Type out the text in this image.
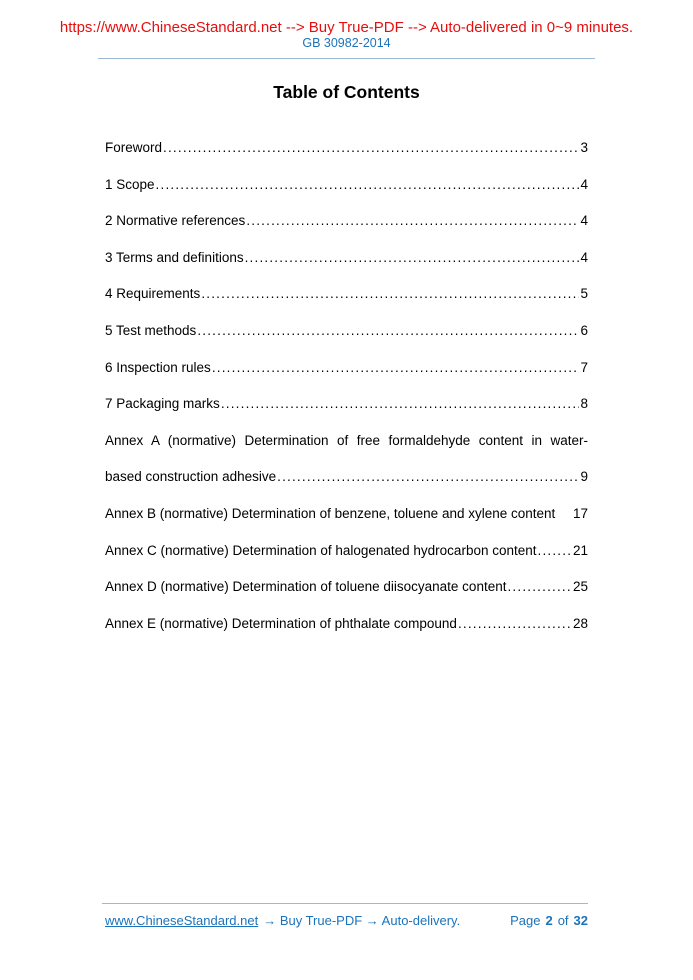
https://www.ChineseStandard.net --> Buy True-PDF --> Auto-delivered in 0~9 minutes.
GB 30982-2014
Table of Contents
Foreword .....	3
1 Scope .....	4
2 Normative references .....	4
3 Terms and definitions .....	4
4 Requirements .....	5
5 Test methods .....	6
6 Inspection rules .....	7
7 Packaging marks .....	8
Annex A (normative) Determination of free formaldehyde content in water-
based construction adhesive .....	9
Annex B (normative) Determination of benzene, toluene and xylene content 17
Annex C (normative) Determination of halogenated hydrocarbon content .....	21
Annex D (normative) Determination of toluene diisocyanate content .....	25
Annex E (normative) Determination of phthalate compound .....	28
www.ChineseStandard.net → Buy True-PDF → Auto-delivery.	Page 2 of 32
